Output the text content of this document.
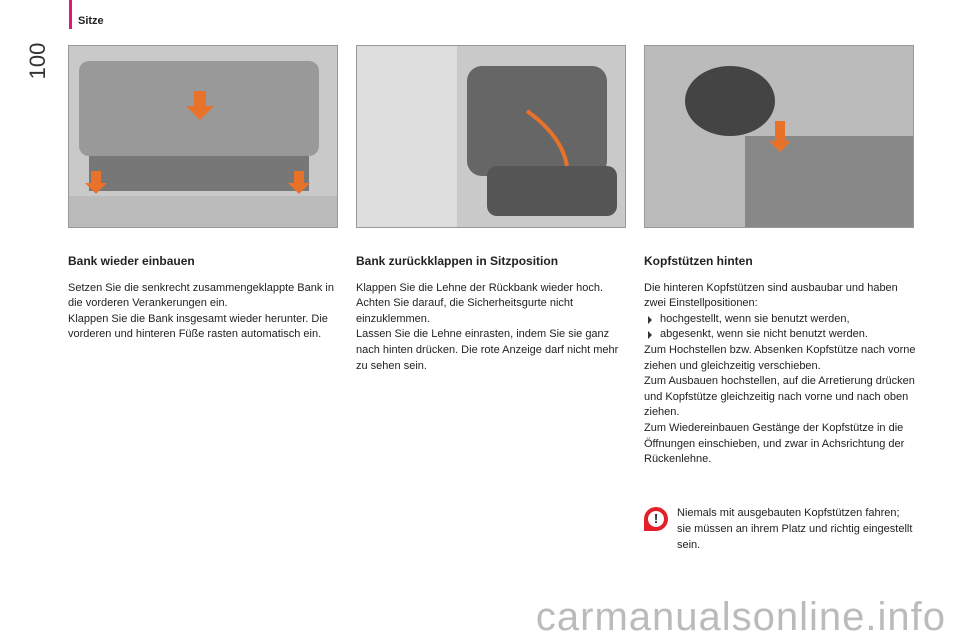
Sitze
100
Bank wieder einbauen

Setzen Sie die senkrecht zusammengeklappte Bank in die vorderen Verankerungen ein.

Klappen Sie die Bank insgesamt wieder herunter. Die vorderen und hinteren Füße rasten automatisch ein.

Bank zurückklappen in Sitzposition

Klappen Sie die Lehne der Rückbank wieder hoch.

Achten Sie darauf, die Sicherheitsgurte nicht einzuklemmen.

Lassen Sie die Lehne einrasten, indem Sie sie ganz nach hinten drücken. Die rote Anzeige darf nicht mehr zu sehen sein.

Kopfstützen hinten

Die hinteren Kopfstützen sind ausbaubar und haben zwei Einstellpositionen:

hochgestellt, wenn sie benutzt werden,

abgesenkt, wenn sie nicht benutzt werden.

Zum Hochstellen bzw. Absenken Kopfstütze nach vorne ziehen und gleichzeitig verschieben.

Zum Ausbauen hochstellen, auf die Arretierung drücken und Kopfstütze gleichzeitig nach vorne und nach oben ziehen.

Zum Wiedereinbauen Gestänge der Kopfstütze in die Öffnungen einschieben, und zwar in Achsrichtung der Rückenlehne.

!	Niemals mit ausgebauten Kopfstützen fahren; sie müssen an ihrem Platz und richtig eingestellt sein.

carmanualsonline.info
